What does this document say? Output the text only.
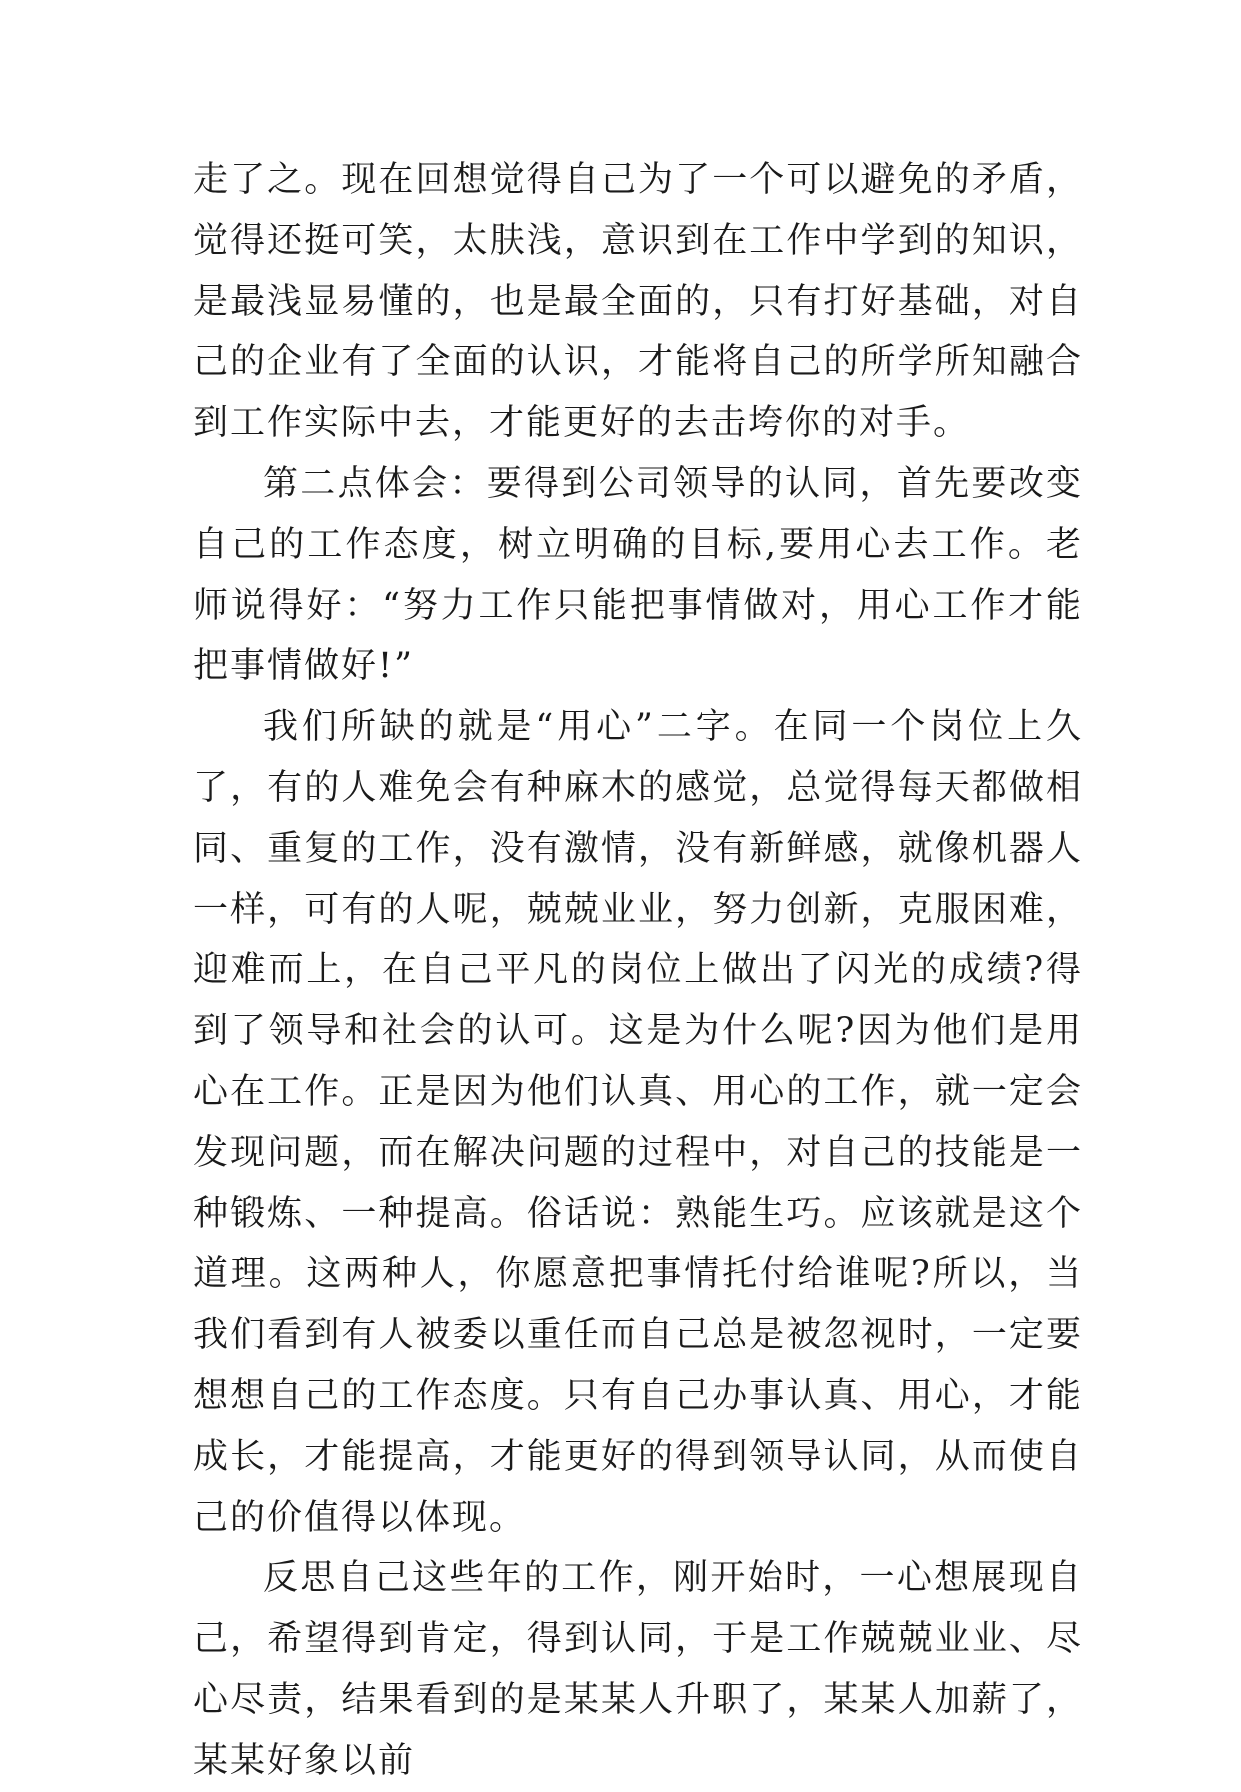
走了之。现在回想觉得自己为了一个可以避免的矛盾，觉得还挺可笑，太肤浅，意识到在工作中学到的知识，是最浅显易懂的，也是最全面的，只有打好基础，对自己的企业有了全面的认识，才能将自己的所学所知融合到工作实际中去，才能更好的去击垮你的对手。

第二点体会：要得到公司领导的认同，首先要改变自己的工作态度，树立明确的目标,要用心去工作。老师说得好：“努力工作只能把事情做对，用心工作才能把事情做好!”

我们所缺的就是“用心”二字。在同一个岗位上久了，有的人难免会有种麻木的感觉，总觉得每天都做相同、重复的工作，没有激情，没有新鲜感，就像机器人一样，可有的人呢，兢兢业业，努力创新，克服困难，迎难而上，在自己平凡的岗位上做出了闪光的成绩?得到了领导和社会的认可。这是为什么呢?因为他们是用心在工作。正是因为他们认真、用心的工作，就一定会发现问题，而在解决问题的过程中，对自己的技能是一种锻炼、一种提高。俗话说：熟能生巧。应该就是这个道理。这两种人，你愿意把事情托付给谁呢?所以，当我们看到有人被委以重任而自己总是被忽视时，一定要想想自己的工作态度。只有自己办事认真、用心，才能成长，才能提高，才能更好的得到领导认同，从而使自己的价值得以体现。

反思自己这些年的工作，刚开始时，一心想展现自己，希望得到肯定，得到认同，于是工作兢兢业业、尽心尽责，结果看到的是某某人升职了，某某人加薪了，某某好象以前
